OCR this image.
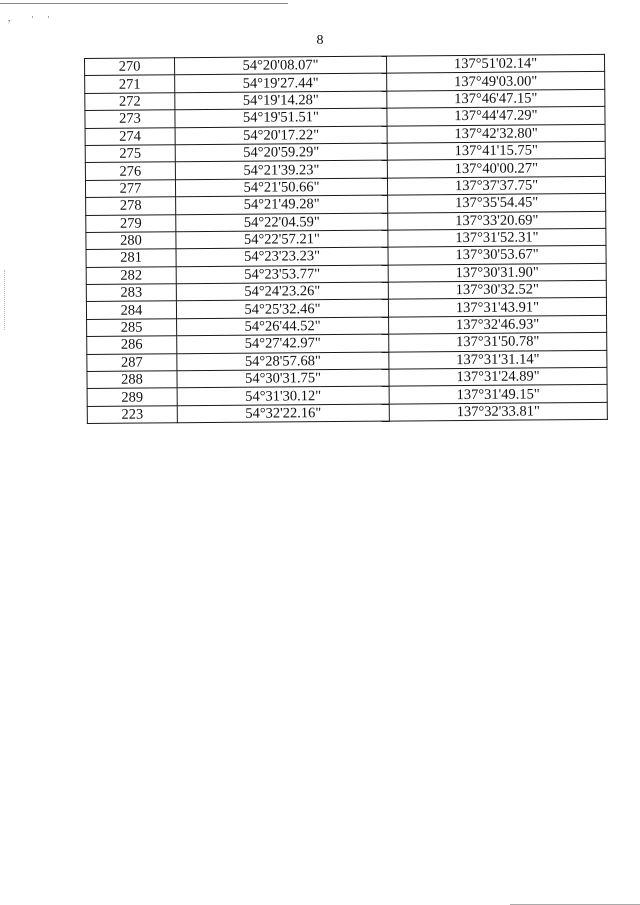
, · ·
8
270	54°20'08.07"	137°51'02.14"
271	54°19'27.44"	137°49'03.00"
272	54°19'14.28"	137°46'47.15"
273	54°19'51.51"	137°44'47.29"
274	54°20'17.22"	137°42'32.80"
275	54°20'59.29"	137°41'15.75"
276	54°21'39.23"	137°40'00.27"
277	54°21'50.66"	137°37'37.75"
278	54°21'49.28"	137°35'54.45"
279	54°22'04.59"	137°33'20.69"
280	54°22'57.21"	137°31'52.31"
281	54°23'23.23"	137°30'53.67"
282	54°23'53.77"	137°30'31.90"
283	54°24'23.26"	137°30'32.52"
284	54°25'32.46"	137°31'43.91"
285	54°26'44.52"	137°32'46.93"
286	54°27'42.97"	137°31'50.78"
287	54°28'57.68"	137°31'31.14"
288	54°30'31.75"	137°31'24.89"
289	54°31'30.12"	137°31'49.15"
223	54°32'22.16"	137°32'33.81"
